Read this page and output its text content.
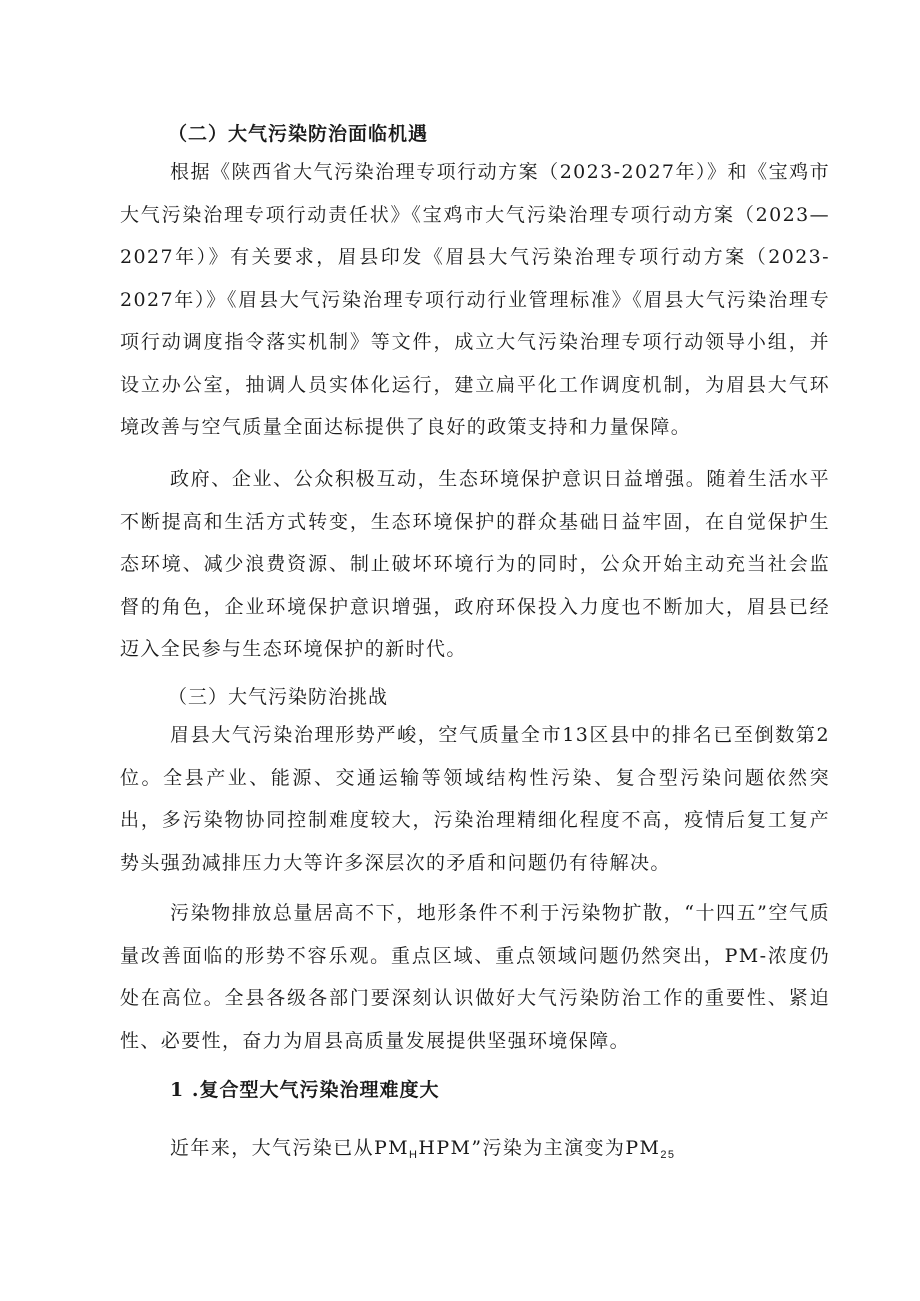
（二）大气污染防治面临机遇

根据《陕西省大气污染治理专项行动方案（2023-2027年）》和《宝鸡市大气污染治理专项行动责任状》《宝鸡市大气污染治理专项行动方案（2023—2027年）》有关要求，眉县印发《眉县大气污染治理专项行动方案（2023-2027年）》《眉县大气污染治理专项行动行业管理标准》《眉县大气污染治理专项行动调度指令落实机制》等文件，成立大气污染治理专项行动领导小组，并设立办公室，抽调人员实体化运行，建立扁平化工作调度机制，为眉县大气环境改善与空气质量全面达标提供了良好的政策支持和力量保障。

政府、企业、公众积极互动，生态环境保护意识日益增强。随着生活水平不断提高和生活方式转变，生态环境保护的群众基础日益牢固，在自觉保护生态环境、减少浪费资源、制止破坏环境行为的同时，公众开始主动充当社会监督的角色，企业环境保护意识增强，政府环保投入力度也不断加大，眉县已经迈入全民参与生态环境保护的新时代。

（三）大气污染防治挑战

眉县大气污染治理形势严峻，空气质量全市13区县中的排名已至倒数第2位。全县产业、能源、交通运输等领域结构性污染、复合型污染问题依然突出，多污染物协同控制难度较大，污染治理精细化程度不高，疫情后复工复产势头强劲减排压力大等许多深层次的矛盾和问题仍有待解决。

污染物排放总量居高不下，地形条件不利于污染物扩散，“十四五”空气质量改善面临的形势不容乐观。重点区域、重点领域问题仍然突出，PM-浓度仍处在高位。全县各级各部门要深刻认识做好大气污染防治工作的重要性、紧迫性、必要性，奋力为眉县高质量发展提供坚强环境保障。

1 .复合型大气污染治理难度大
近年来，大气污染已从$PM_HHPM$”污染为主演变为$PM_{25}$
